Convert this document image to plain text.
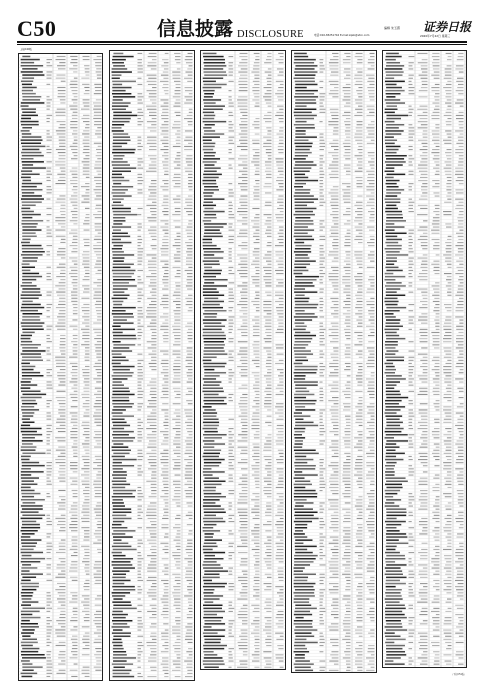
C50	信息披露 DISCLOSURE
编辑 朱玉霞
电话:010-83251716 E-mail:zqsb@stcn.com
证券日报
2020年7月22日 星期三
上接C49版
（下转C51版）
